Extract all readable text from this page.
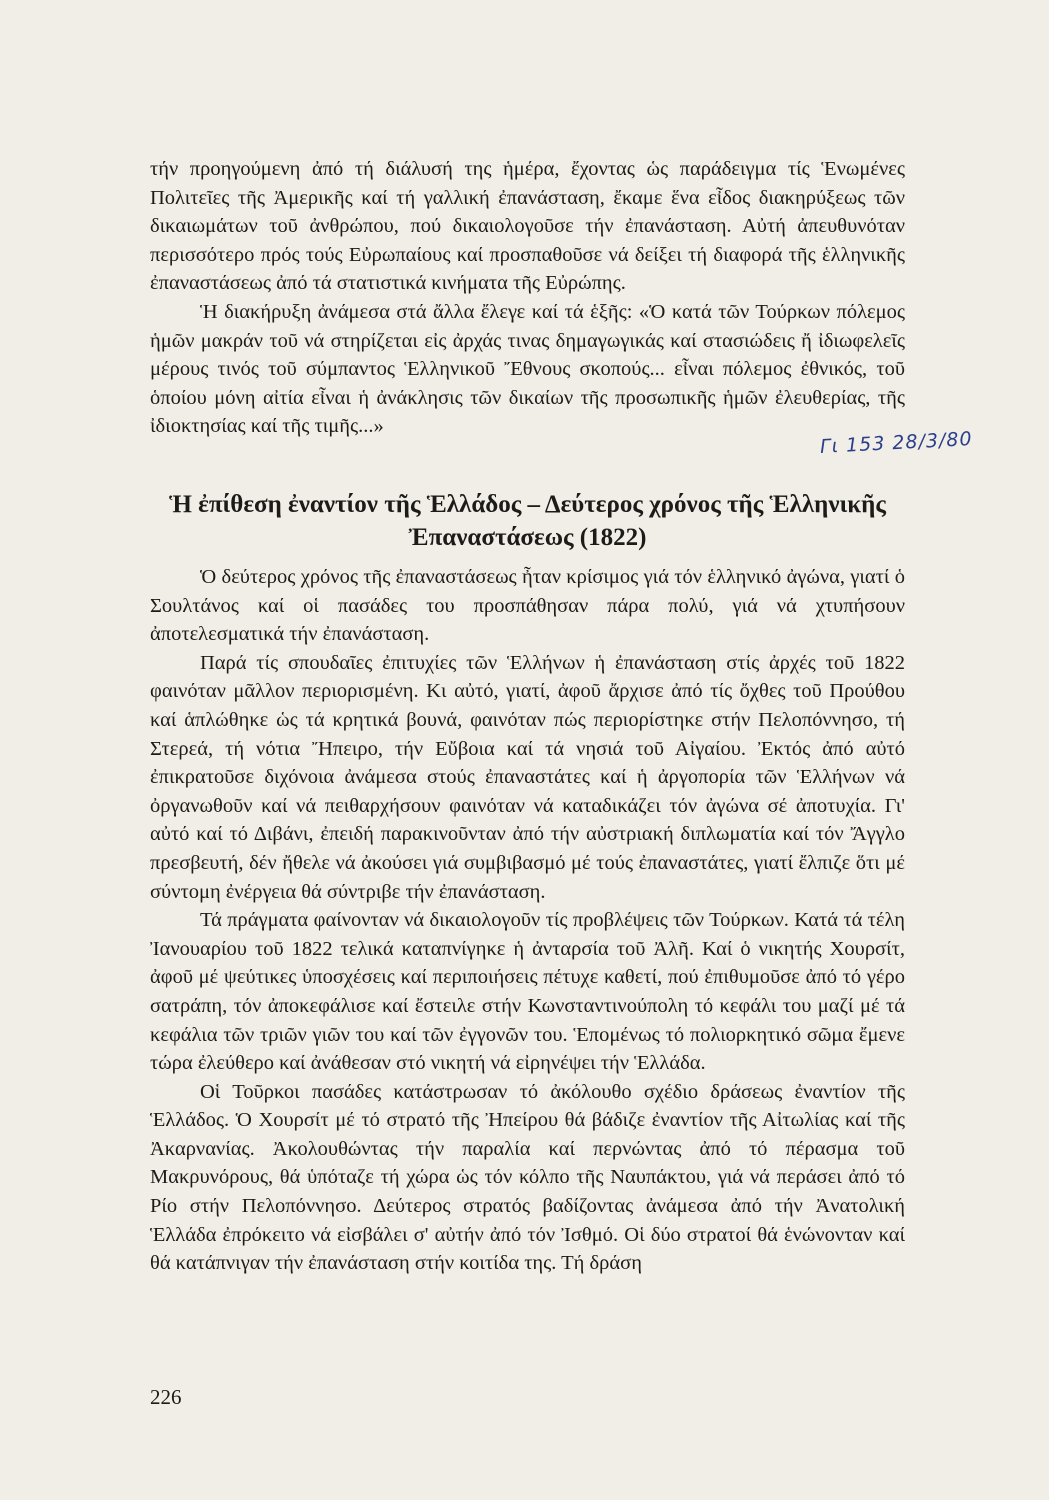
τήν προηγούμενη ἀπό τή διάλυσή της ἡμέρα, ἔχοντας ὡς παράδειγμα τίς Ἑνωμένες Πολιτεῖες τῆς Ἀμερικῆς καί τή γαλλική ἐπανάσταση, ἔκαμε ἕνα εἶδος διακηρύξεως τῶν δικαιωμάτων τοῦ ἀνθρώπου, πού δικαιολογοῦσε τήν ἐπανάσταση. Αὐτή ἀπευθυνόταν περισσότερο πρός τούς Εὐρωπαίους καί προσπαθοῦσε νά δείξει τή διαφορά τῆς ἑλληνικῆς ἐπαναστάσεως ἀπό τά στατιστικά κινήματα τῆς Εὐρώπης.

Ἡ διακήρυξη ἀνάμεσα στά ἄλλα ἔλεγε καί τά ἑξῆς: «Ὁ κατά τῶν Τούρκων πόλεμος ἡμῶν μακράν τοῦ νά στηρίζεται εἰς ἀρχάς τινας δημαγωγικάς καί στασιώδεις ἤ ἰδιωφελεῖς μέρους τινός τοῦ σύμπαντος Ἑλληνικοῦ Ἔθνους σκοπούς... εἶναι πόλεμος ἐθνικός, τοῦ ὁποίου μόνη αἰτία εἶναι ἡ ἀνάκλησις τῶν δικαίων τῆς προσωπικῆς ἡμῶν ἐλευθερίας, τῆς ἰδιοκτησίας καί τῆς τιμῆς...»

Γι 153 28/3/80
Ἡ ἐπίθεση ἐναντίον τῆς Ἑλλάδος – Δεύτερος χρόνος τῆς Ἑλληνικῆς
Ἐπαναστάσεως (1822)

Ὁ δεύτερος χρόνος τῆς ἐπαναστάσεως ἦταν κρίσιμος γιά τόν ἑλληνικό ἀγώνα, γιατί ὁ Σουλτάνος καί οἱ πασάδες του προσπάθησαν πάρα πολύ, γιά νά χτυπήσουν ἀποτελεσματικά τήν ἐπανάσταση.

Παρά τίς σπουδαῖες ἐπιτυχίες τῶν Ἑλλήνων ἡ ἐπανάσταση στίς ἀρχές τοῦ 1822 φαινόταν μᾶλλον περιορισμένη. Κι αὐτό, γιατί, ἀφοῦ ἄρχισε ἀπό τίς ὄχθες τοῦ Προύθου καί ἁπλώθηκε ὡς τά κρητικά βουνά, φαινόταν πώς περιορίστηκε στήν Πελοπόννησο, τή Στερεά, τή νότια Ἤπειρο, τήν Εὔβοια καί τά νησιά τοῦ Αἰγαίου. Ἐκτός ἀπό αὐτό ἐπικρατοῦσε διχόνοια ἀνάμεσα στούς ἐπαναστάτες καί ἡ ἀργοπορία τῶν Ἑλλήνων νά ὀργανωθοῦν καί νά πειθαρχήσουν φαινόταν νά καταδικάζει τόν ἀγώνα σέ ἀποτυχία. Γι' αὐτό καί τό Διβάνι, ἐπειδή παρακινοῦνταν ἀπό τήν αὐστριακή διπλωματία καί τόν Ἄγγλο πρεσβευτή, δέν ἤθελε νά ἀκούσει γιά συμβιβασμό μέ τούς ἐπαναστάτες, γιατί ἔλπιζε ὅτι μέ σύντομη ἐνέργεια θά σύντριβε τήν ἐπανάσταση.

Τά πράγματα φαίνονταν νά δικαιολογοῦν τίς προβλέψεις τῶν Τούρκων. Κατά τά τέλη Ἰανουαρίου τοῦ 1822 τελικά καταπνίγηκε ἡ ἀνταρσία τοῦ Ἀλῆ. Καί ὁ νικητής Χουρσίτ, ἀφοῦ μέ ψεύτικες ὑποσχέσεις καί περιποιήσεις πέτυχε καθετί, πού ἐπιθυμοῦσε ἀπό τό γέρο σατράπη, τόν ἀποκεφάλισε καί ἔστειλε στήν Κωνσταντινούπολη τό κεφάλι του μαζί μέ τά κεφάλια τῶν τριῶν γιῶν του καί τῶν ἐγγονῶν του. Ἑπομένως τό πολιορκητικό σῶμα ἔμενε τώρα ἐλεύθερο καί ἀνάθεσαν στό νικητή νά εἰρηνέψει τήν Ἑλλάδα.

Οἱ Τοῦρκοι πασάδες κατάστρωσαν τό ἀκόλουθο σχέδιο δράσεως ἐναντίον τῆς Ἑλλάδος. Ὁ Χουρσίτ μέ τό στρατό τῆς Ἠπείρου θά βάδιζε ἐναντίον τῆς Αἰτωλίας καί τῆς Ἀκαρνανίας. Ἀκολουθώντας τήν παραλία καί περνώντας ἀπό τό πέρασμα τοῦ Μακρυνόρους, θά ὑπόταζε τή χώρα ὡς τόν κόλπο τῆς Ναυπάκτου, γιά νά περάσει ἀπό τό Ρίο στήν Πελοπόννησο. Δεύτερος στρατός βαδίζοντας ἀνάμεσα ἀπό τήν Ἀνατολική Ἑλλάδα ἐπρόκειτο νά εἰσβάλει σ' αὐτήν ἀπό τόν Ἰσθμό. Οἱ δύο στρατοί θά ἑνώνονταν καί θά κατάπνιγαν τήν ἐπανάσταση στήν κοιτίδα της. Τή δράση

226
